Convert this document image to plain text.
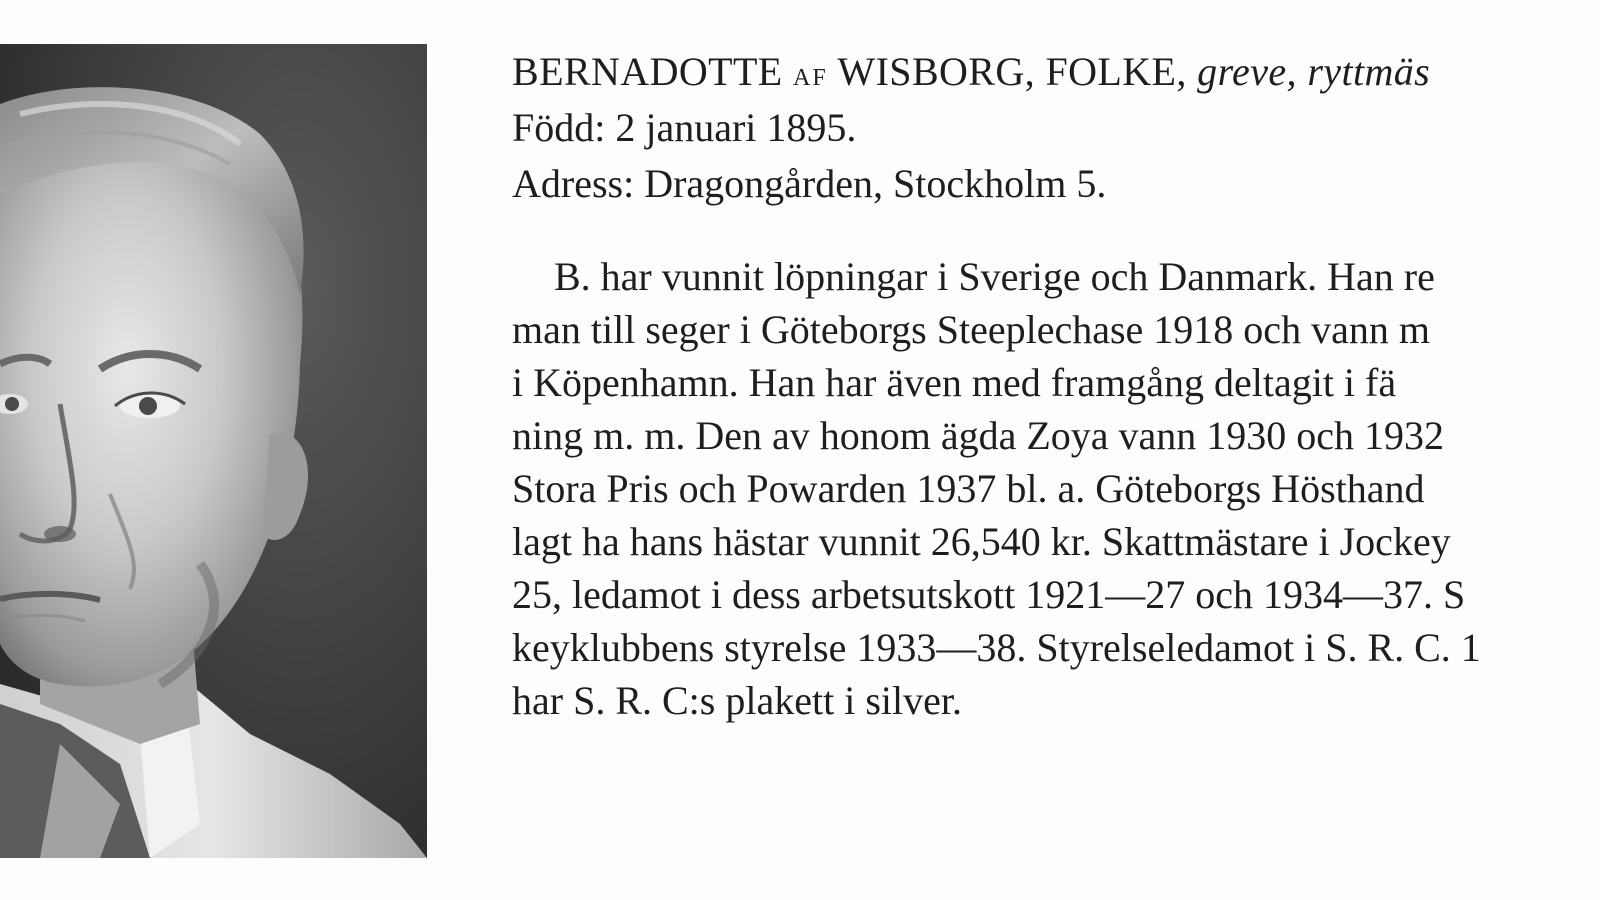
BERNADOTTE AF WISBORG, FOLKE, greve, ryttmäs
Född: 2 januari 1895.
Adress: Dragongården, Stockholm 5.
B. har vunnit löpningar i Sverige och Danmark. Han re
man till seger i Göteborgs Steeplechase 1918 och vann m
i Köpenhamn. Han har även med framgång deltagit i fä
ning m. m. Den av honom ägda Zoya vann 1930 och 1932
Stora Pris och Powarden 1937 bl. a. Göteborgs Hösthand
lagt ha hans hästar vunnit 26,540 kr. Skattmästare i Jockey
25, ledamot i dess arbetsutskott 1921—27 och 1934—37. S
keyklubbens styrelse 1933—38. Styrelseledamot i S. R. C. 1
har S. R. C:s plakett i silver.
